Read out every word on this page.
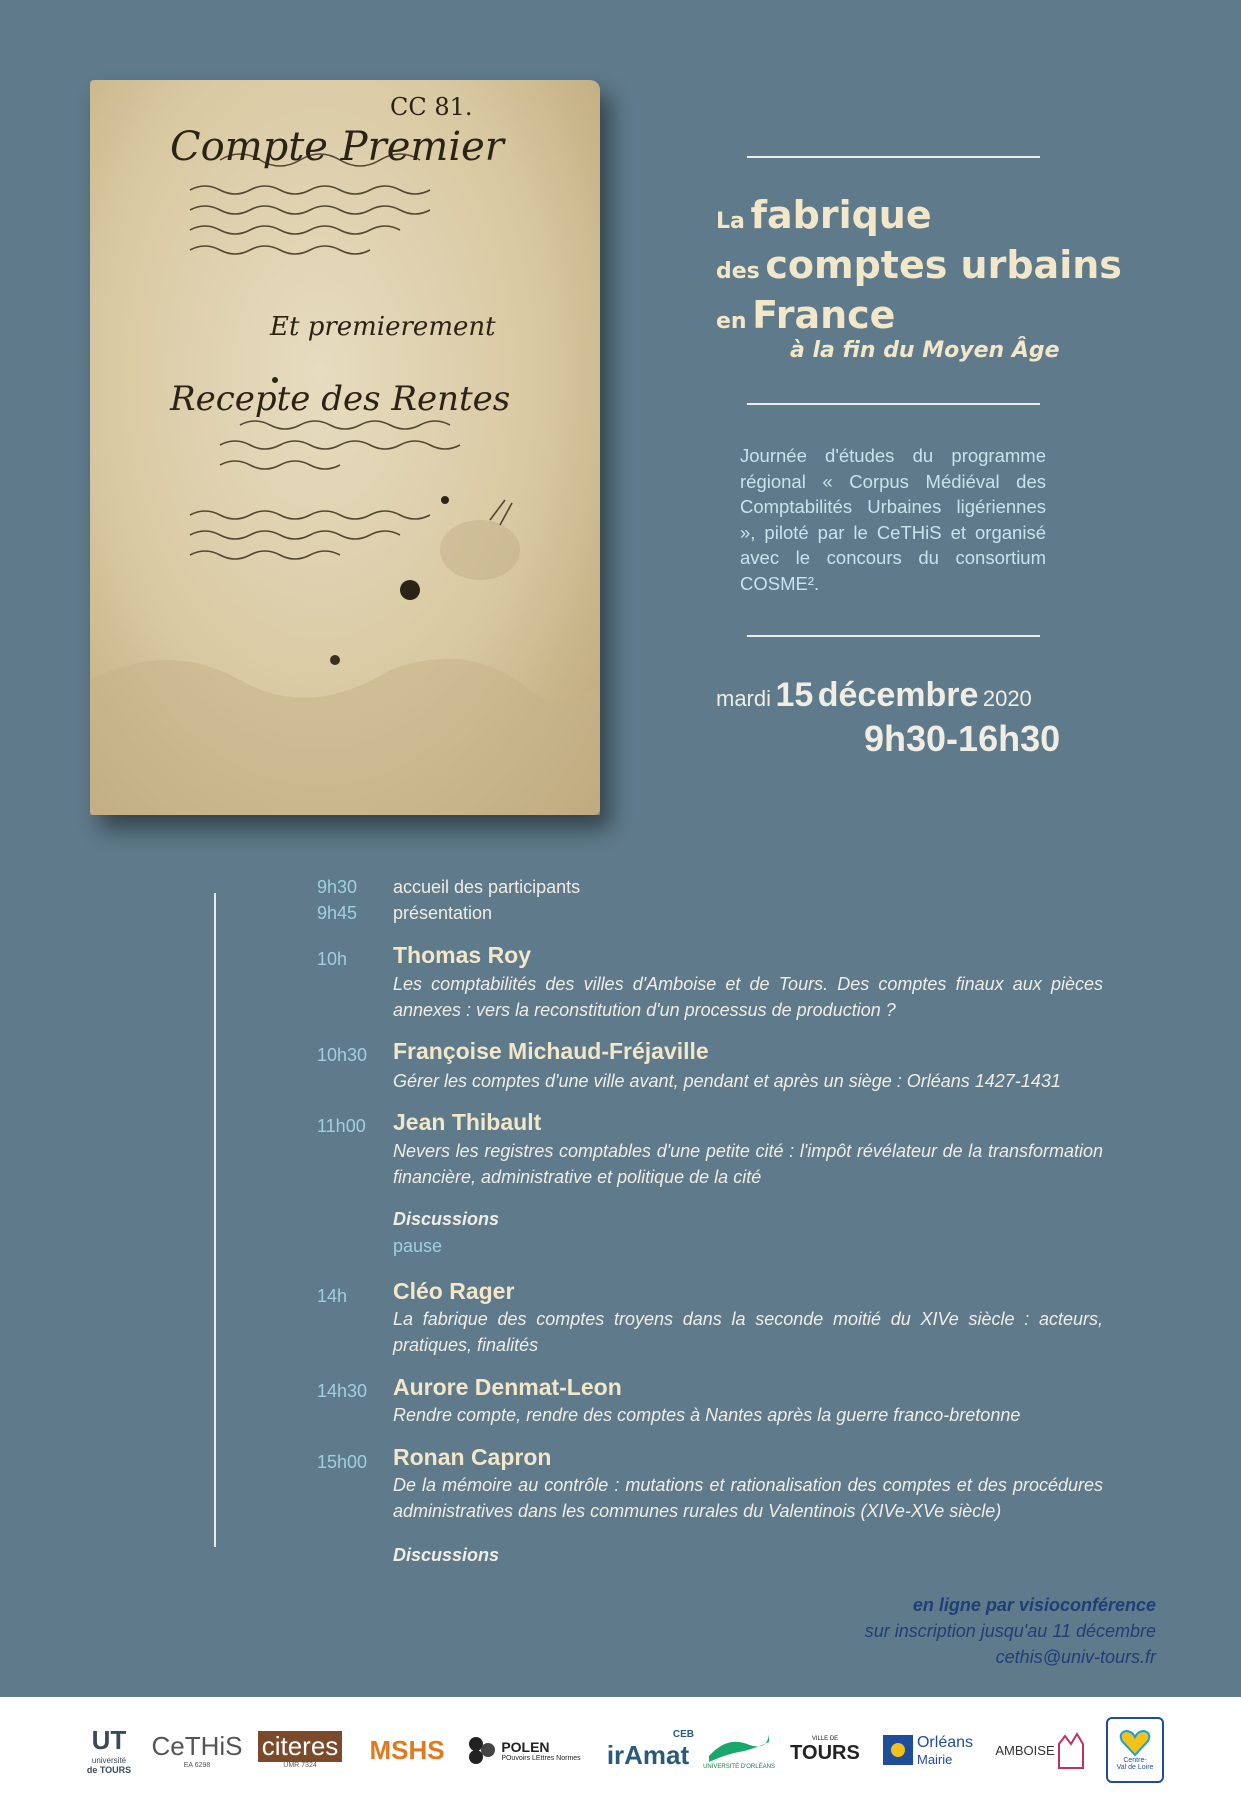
CC 81.
Compte Premier
Et premierement
Recepte des Rentes
La fabrique
des comptes urbains
en France
à la fin du Moyen Âge
Journée d'études du programme régional « Corpus Médiéval des Comptabilités Urbaines ligériennes », piloté par le CeTHiS et organisé avec le concours du consortium COSME².
mardi 15 décembre 2020
9h30-16h30
9h30 accueil des participants
9h45 présentation
10h Thomas Roy
Les comptabilités des villes d'Amboise et de Tours. Des comptes finaux aux pièces annexes : vers la reconstitution d'un processus de production ?
10h30 Françoise Michaud-Fréjaville
Gérer les comptes d'une ville avant, pendant et après un siège : Orléans 1427-1431
11h00 Jean Thibault
Nevers les registres comptables d'une petite cité : l'impôt révélateur de la transformation financière, administrative et politique de la cité
Discussions
pause
14h Cléo Rager
La fabrique des comptes troyens dans la seconde moitié du XIVe siècle : acteurs, pratiques, finalités
14h30 Aurore Denmat-Leon
Rendre compte, rendre des comptes à Nantes après la guerre franco-bretonne
15h00 Ronan Capron
De la mémoire au contrôle : mutations et rationalisation des comptes et des procédures administratives dans les communes rurales du Valentinois (XIVe-XVe siècle)
Discussions
en ligne par visioconférence
sur inscription jusqu'au 11 décembre
cethis@univ-tours.fr
UT
université
de TOURS
CeTHiS
EA 6298
citeres
UMR 7324
MSHS	POLEN
POuvoirs LEttres Normes
CEB
irAmat UNIVERSITÉ D'ORLÉANS
VILLE DE
TOURS	Orléans
Mairie
AMBOISE
Centre-
Val de Loire
